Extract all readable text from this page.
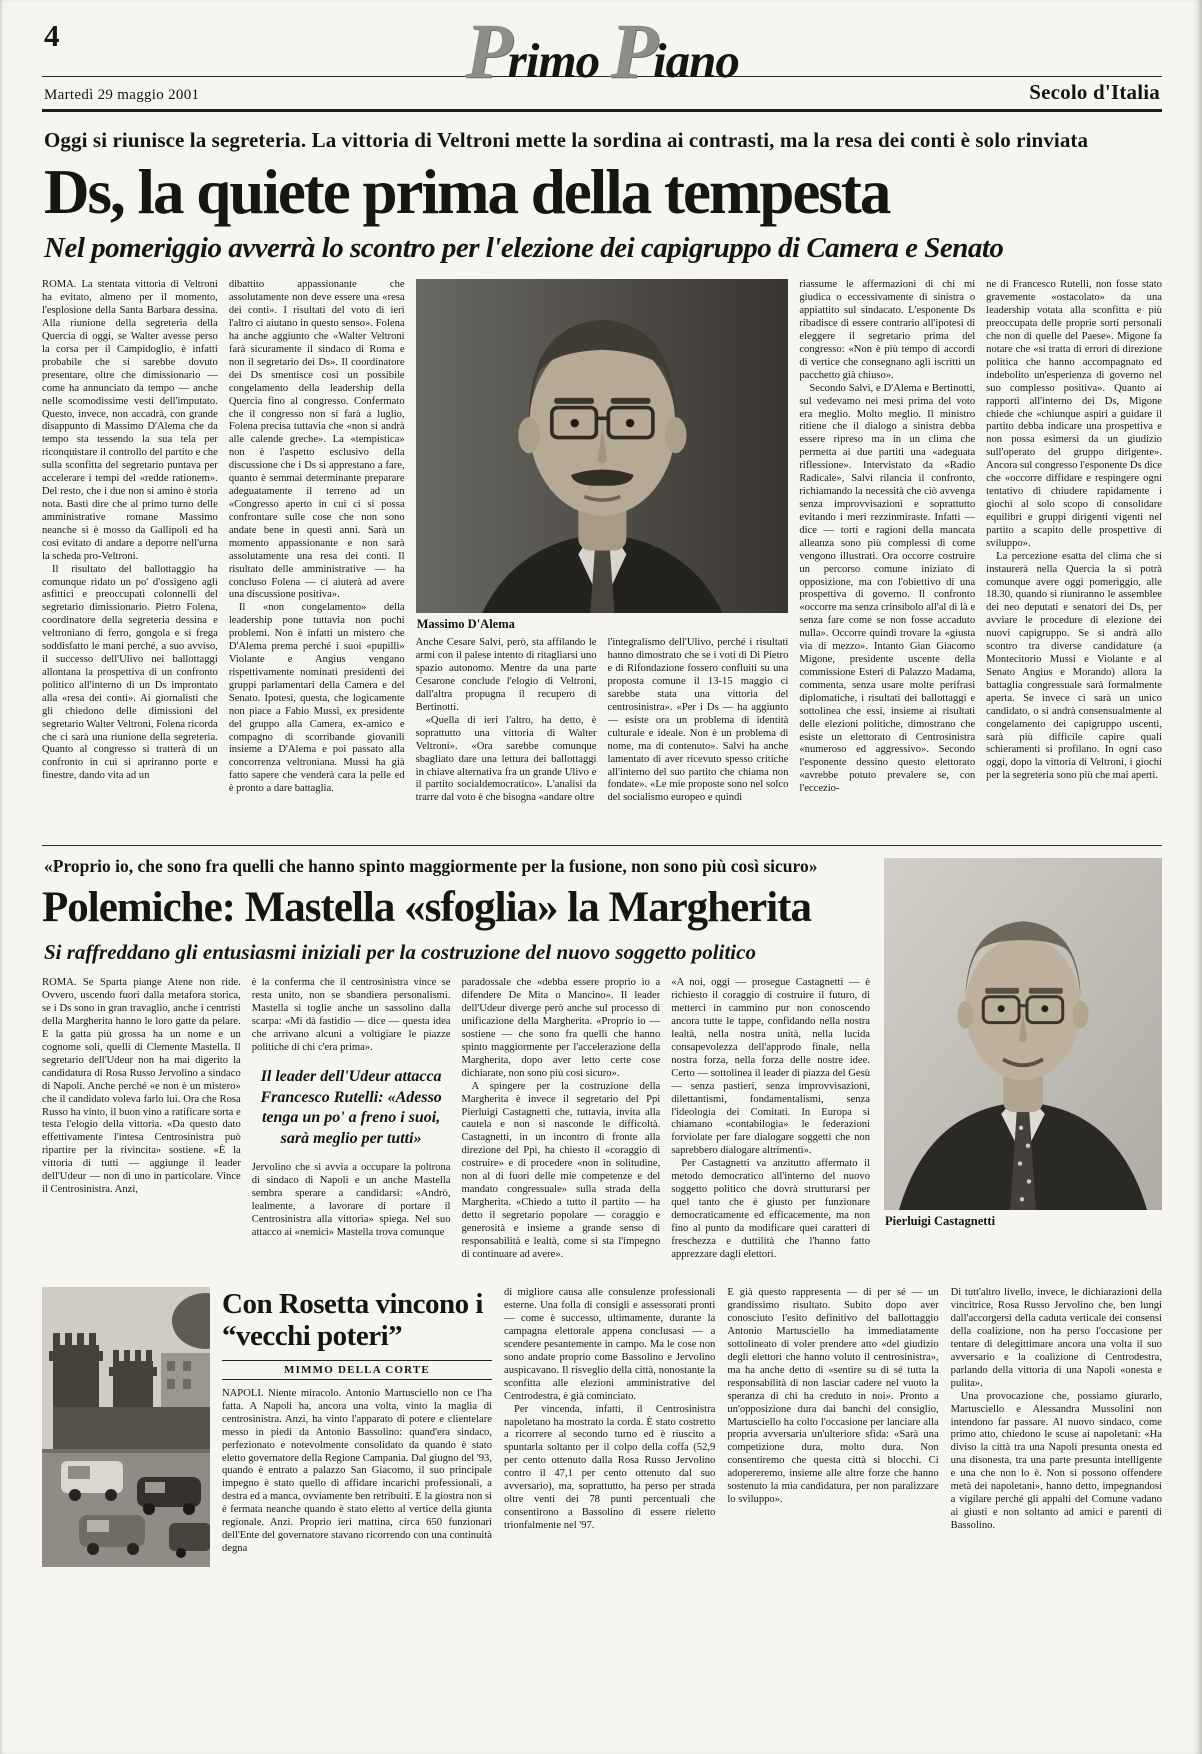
4	Primo Piano
Martedì 29 maggio 2001	Secolo d'Italia
Oggi si riunisce la segreteria. La vittoria di Veltroni mette la sordina ai contrasti, ma la resa dei conti è solo rinviata
Ds, la quiete prima della tempesta
Nel pomeriggio avverrà lo scontro per l'elezione dei capigruppo di Camera e Senato

ROMA. La stentata vittoria di Veltroni ha evitato, almeno per il momento, l'esplosione della Santa Barbara dessina. Alla riunione della segreteria della Quercia di oggi, se Walter avesse perso la corsa per il Campidoglio, è infatti probabile che si sarebbe dovuto presentare, oltre che dimissionario — come ha annunciato da tempo — anche nelle scomodissime vesti dell'imputato. Questo, invece, non accadrà, con grande disappunto di Massimo D'Alema che da tempo sta tessendo la sua tela per riconquistare il controllo del partito e che sulla sconfitta del segretario puntava per accelerare i tempi del «redde rationem». Del resto, che i due non si amino è storia nota. Basti dire che al primo turno delle amministrative romane Massimo neanche si è mosso da Gallipoli ed ha così evitato di andare a deporre nell'urna la scheda pro-Veltroni.

Il risultato del ballottaggio ha comunque ridato un po' d'ossigeno agli asfittici e preoccupati colonnelli del segretario dimissionario. Pietro Folena, coordinatore della segreteria dessina e veltroniano di ferro, gongola e si frega soddisfatto le mani perché, a suo avviso, il successo dell'Ulivo nei ballottaggi allontana la prospettiva di un confronto politico all'interno di un Ds improntato alla «resa dei conti». Ai giornalisti che gli chiedono delle dimissioni del segretario Walter Veltroni, Folena ricorda che ci sarà una riunione della segreteria. Quanto al congresso si tratterà di un confronto in cui si apriranno porte e finestre, dando vita ad un

dibattito appassionante che assolutamente non deve essere una «resa dei conti». I risultati del voto di ieri l'altro ci aiutano in questo senso». Folena ha anche aggiunto che «Walter Veltroni farà sicuramente il sindaco di Roma e non il segretario dei Ds». Il coordinatore dei Ds smentisce così un possibile congelamento della leadership della Quercia fino al congresso. Confermato che il congresso non si farà a luglio, Folena precisa tuttavia che «non si andrà alle calende greche». La «tempistica» non è l'aspetto esclusivo della discussione che i Ds si apprestano a fare, quanto è semmai determinante preparare adeguatamente il terreno ad un «Congresso aperto in cui ci si possa confrontare sulle cose che non sono andate bene in questi anni. Sarà un momento appassionante e non sarà assolutamente una resa dei conti. Il risultato delle amministrative — ha concluso Folena — ci aiuterà ad avere una discussione positiva».

Il «non congelamento» della leadership pone tuttavia non pochi problemi. Non è infatti un mistero che D'Alema prema perché i suoi «pupilli» Violante e Angius vengano rispettivamente nominati presidenti dei gruppi parlamentari della Camera e del Senato. Ipotesi, questa, che logicamente non piace a Fabio Mussi, ex presidente del gruppo alla Camera, ex-amico e compagno di scorribande giovanili insieme a D'Alema e poi passato alla concorrenza veltroniana. Mussi ha già fatto sapere che venderà cara la pelle ed è pronto a dare battaglia.

Massimo D'Alema

Anche Cesare Salvi, però, sta affilando le armi con il palese intento di ritagliarsi uno spazio autonomo. Mentre da una parte Cesarone conclude l'elogio di Veltroni, dall'altra propugna il recupero di Bertinotti.

«Quella di ieri l'altro, ha detto, è soprattutto una vittoria di Walter Veltroni». «Ora sarebbe comunque sbagliato dare una lettura dei ballottaggi in chiave alternativa fra un grande Ulivo e il partito socialdemocratico». L'analisi da trarre dal voto è che bisogna «andare oltre

l'integralismo dell'Ulivo, perché i risultati hanno dimostrato che se i voti di Di Pietro e di Rifondazione fossero confluiti su una proposta comune il 13-15 maggio ci sarebbe stata una vittoria del centrosinistra». «Per i Ds — ha aggiunto — esiste ora un problema di identità culturale e ideale. Non è un problema di nome, ma di contenuto». Salvi ha anche lamentato di aver ricevuto spesso critiche all'interno del suo partito che chiama non fondate». «Le mie proposte sono nel solco del socialismo europeo e quindi

riassume le affermazioni di chi mi giudica o eccessivamente di sinistra o appiattito sul sindacato. L'esponente Ds ribadisce di essere contrario all'ipotesi di eleggere il segretario prima del congresso: «Non è più tempo di accordi di vertice che consegnano agli iscritti un pacchetto già chiuso».

Secondo Salvi, e D'Alema e Bertinotti, sul vedevamo nei mesi prima del voto era meglio. Molto meglio. Il ministro ritiene che il dialogo a sinistra debba essere ripreso ma in un clima che permetta ai due partiti una «adeguata riflessione». Intervistato da «Radio Radicale», Salvi rilancia il confronto, richiamando la necessità che ciò avvenga senza improvvisazioni e soprattutto evitando i meri rezzinmiraste. Infatti — dice — torti e ragioni della mancata alleanza sono più complessi di come vengono illustrati. Ora occorre costruire un percorso comune iniziato di opposizione, ma con l'obiettivo di una prospettiva di governo. Il confronto «occorre ma senza crinsibolo all'al di là e senza fare come se non fosse accaduto nulla». Occorre quindi trovare la «giusta via di mezzo». Intanto Gian Giacomo Migone, presidente uscente della commissione Esteri di Palazzo Madama, commenta, senza usare molte perifrasi diplomatiche, i risultati dei ballottaggi e sottolinea che essi, insieme ai risultati delle elezioni politiche, dimostrano che esiste un elettorato di Centrosinistra «numeroso ed aggressivo». Secondo l'esponente dessino questo elettorato «avrebbe potuto prevalere se, con l'eccezio-

ne di Francesco Rutelli, non fosse stato gravemente «ostacolato» da una leadership votata alla sconfitta e più preoccupata delle proprie sorti personali che non di quelle del Paese». Migone fa notare che «si tratta di errori di direzione politica che hanno accompagnato ed indebolito un'esperienza di governo nel suo complesso positiva». Quanto ai rapporti all'interno dei Ds, Migone chiede che «chiunque aspiri a guidare il partito debba indicare una prospettiva e non possa esimersi da un giudizio sull'operato del gruppo dirigente». Ancora sul congresso l'esponente Ds dice che «occorre diffidare e respingere ogni tentativo di chiudere rapidamente i giochi al solo scopo di consolidare equilibri e gruppi dirigenti vigenti nel partito a scapito delle prospettive di sviluppo».

La percezione esatta del clima che si instaurerà nella Quercia la si potrà comunque avere oggi pomeriggio, alle 18.30, quando si riuniranno le assemblee dei neo deputati e senatori dei Ds, per avviare le procedure di elezione dei nuovi capigruppo. Se si andrà allo scontro tra diverse candidature (a Montecitorio Mussi e Violante e al Senato Angius e Morando) allora la battaglia congressuale sarà formalmente aperta. Se invece ci sarà un unico candidato, o si andrà consensualmente al congelamento dei capigruppo uscenti, sarà più difficile capire quali schieramenti si profilano. In ogni caso oggi, dopo la vittoria di Veltroni, i giochi per la segreteria sono più che mai aperti.

«Proprio io, che sono fra quelli che hanno spinto maggiormente per la fusione, non sono più così sicuro»
Polemiche: Mastella «sfoglia» la Margherita
Si raffreddano gli entusiasmi iniziali per la costruzione del nuovo soggetto politico

ROMA. Se Sparta piange Atene non ride. Ovvero, uscendo fuori dalla metafora storica, se i Ds sono in gran travaglio, anche i centristi della Margherita hanno le loro gatte da pelare. E la gatta più grossa ha un nome e un cognome soli, quelli di Clemente Mastella. Il segretario dell'Udeur non ha mai digerito la candidatura di Rosa Russo Jervolino a sindaco di Napoli. Anche perché «e non è un mistero» che il candidato voleva farlo lui. Ora che Rosa Russo ha vinto, il buon vino a ratificare sorta e testa l'elogio della vittoria. «Da questo dato effettivamente l'intesa Centrosinistra può ripartire per la rivincita» sostiene. «È la vittoria di tutti — aggiunge il leader dell'Udeur — non di uno in particolare. Vince il Centrosinistra. Anzi,

è la conferma che il centrosinistra vince se resta unito, non se sbandiera personalismi. Mastella si toglie anche un sassolino dalla scarpa: «Mi dà fastidio — dice — questa idea che arrivano alcuni a voltigiare le piazze politiche di chi c'era prima».

Il leader dell'Udeur attacca Francesco Rutelli: «Adesso tenga un po' a freno i suoi, sarà meglio per tutti»

Jervolino che si avvia a occupare la poltrona di sindaco di Napoli e un anche Mastella sembra sperare a candidarsi: «Andrò, lealmente, a lavorare di portare il Centrosinistra alla vittoria» spiega. Nel suo attacco ai «nemici» Mastella trova comunque

paradossale che «debba essere proprio io a difendere De Mita o Mancino». Il leader dell'Udeur diverge però anche sul processo di unificazione della Margherita. «Proprio io — sostiene — che sono fra quelli che hanno spinto maggiormente per l'accelerazione della Margherita, dopo aver letto certe cose dichiarate, non sono più così sicuro».

A spingere per la costruzione della Margherita è invece il segretario del Ppi Pierluigi Castagnetti che, tuttavia, invita alla cautela e non si nasconde le difficoltà. Castagnetti, in un incontro di fronte alla direzione del Ppi, ha chiesto il «coraggio di costruire» e di procedere «non in solitudine, non al di fuori delle mie competenze e del mandato congressuale» sulla strada della Margherita. «Chiedo a tutto il partito — ha detto il segretario popolare — coraggio e generosità e insieme a grande senso di responsabilità e lealtà, come si sta l'impegno di continuare ad avere».

«A noi, oggi — prosegue Castagnetti — è richiesto il coraggio di costruire il futuro, di metterci in cammino pur non conoscendo ancora tutte le tappe, confidando nella nostra lealtà, nella nostra unità, nella lucida consapevolezza dell'approdo finale, nella nostra forza, nella forza delle nostre idee. Certo — sottolinea il leader di piazza del Gesù — senza pastieri, senza improvvisazioni, dilettantismi, fondamentalismi, senza l'ideologia dei Comitati. In Europa si chiamano «contabilogia» le federazioni forviolate per fare dialogare soggetti che non saprebbero dialogare altrimenti».

Per Castagnetti va anzitutto affermato il metodo democratico all'interno del nuovo soggetto politico che dovrà strutturarsi per quel tanto che è giusto per funzionare democraticamente ed efficacemente, ma non fino al punto da modificare quei caratteri di freschezza e duttilità che l'hanno fatto apprezzare dagli elettori.

Pierluigi Castagnetti
Con Rosetta vincono i “vecchi poteri”
MIMMO DELLA CORTE

NAPOLI. Niente miracolo. Antonio Martusciello non ce l'ha fatta. A Napoli ha, ancora una volta, vinto la maglia di centrosinistra. Anzi, ha vinto l'apparato di potere e clientelare messo in piedi da Antonio Bassolino: quand'era sindaco, perfezionato e notevolmente consolidato da quando è stato eletto governatore della Regione Campania. Dal giugno del '93, quando è entrato a palazzo San Giacomo, il suo principale impegno è stato quello di affidare incarichi professionali, a destra ed a manca, ovviamente ben retribuiti. E la giostra non si è fermata neanche quando è stato eletto al vertice della giunta regionale. Anzi. Proprio ieri mattina, circa 650 funzionari dell'Ente del governatore stavano ricorrendo con una continuità degna

di migliore causa alle consulenze professionali esterne. Una folla di consigli e assessorati pronti — come è successo, ultimamente, durante la campagna elettorale appena conclusasi — a scendere pesantemente in campo. Ma le cose non sono andate proprio come Bassolino e Jervolino auspicavano. Il risveglio della città, nonostante la sconfitta alle elezioni amministrative del Centrodestra, è già cominciato.

Per vincenda, infatti, il Centrosinistra napoletano ha mostrato la corda. È stato costretto a ricorrere al secondo turno ed è riuscito a spuntarla soltanto per il colpo della coffa (52,9 per cento ottenuto dalla Rosa Russo Jervolino contro il 47,1 per cento ottenuto dal suo avversario), ma, soprattutto, ha perso per strada oltre venti dei 78 punti percentuali che consentirono a Bassolino di essere rieletto trionfalmente nel '97.

E già questo rappresenta — di per sé — un grandissimo risultato. Subito dopo aver conosciuto l'esito definitivo del ballottaggio Antonio Martusciello ha immediatamente sottolineato di voler prendere atto «del giudizio degli elettori che hanno voluto il centrosinistra», ma ha anche detto di «sentire su di sé tutta la responsabilità di non lasciar cadere nel vuoto la speranza di chi ha creduto in noi». Pronto a un'opposizione dura dai banchi del consiglio, Martusciello ha colto l'occasione per lanciare alla propria avversaria un'ulteriore sfida: «Sarà una competizione dura, molto dura. Non consentiremo che questa città si blocchi. Ci adopereremo, insieme alle altre forze che hanno sostenuto la mia candidatura, per non paralizzare lo sviluppo».

Di tutt'altro livello, invece, le dichiarazioni della vincitrice, Rosa Russo Jervolino che, ben lungi dall'accorgersi della caduta verticale dei consensi della coalizione, non ha perso l'occasione per tentare di delegittimare ancora una volta il suo avversario e la coalizione di Centrodestra, parlando della vittoria di una Napoli «onesta e pulita».

Una provocazione che, possiamo giurarlo, Martusciello e Alessandra Mussolini non intendono far passare. Al nuovo sindaco, come primo atto, chiedono le scuse ai napoletani: «Ha diviso la città tra una Napoli presunta onesta ed una disonesta, tra una parte presunta intelligente e una che non lo è. Non si possono offendere metà dei napoletani», hanno detto, impegnandosi a vigilare perché gli appalti del Comune vadano ai giusti e non soltanto ad amici e parenti di Bassolino.
